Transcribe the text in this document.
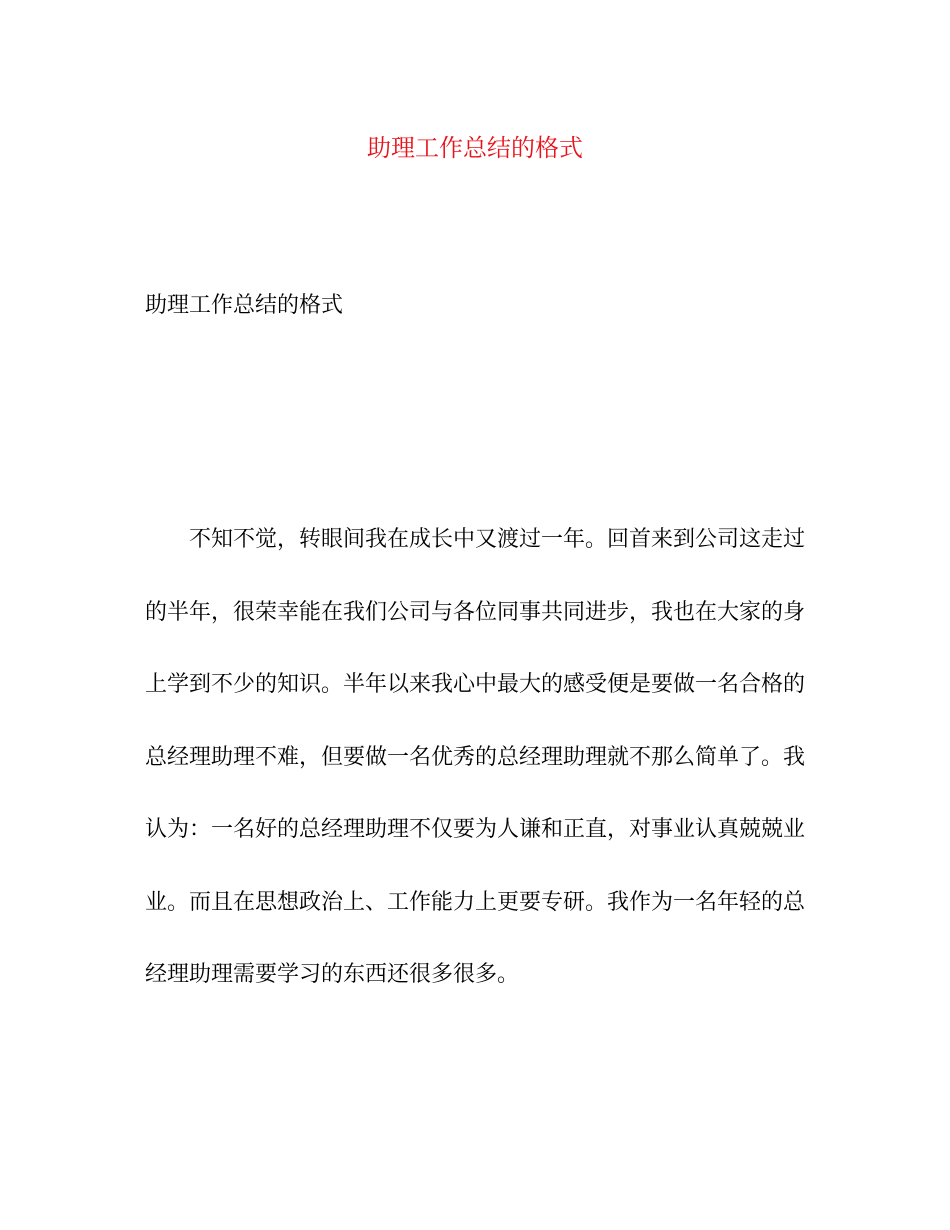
助理工作总结的格式
助理工作总结的格式

不知不觉，转眼间我在成长中又渡过一年。回首来到公司这走过的半年，很荣幸能在我们公司与各位同事共同进步，我也在大家的身上学到不少的知识。半年以来我心中最大的感受便是要做一名合格的总经理助理不难，但要做一名优秀的总经理助理就不那么简单了。我认为：一名好的总经理助理不仅要为人谦和正直，对事业认真兢兢业业。而且在思想政治上、工作能力上更要专研。我作为一名年轻的总经理助理需要学习的东西还很多很多。
